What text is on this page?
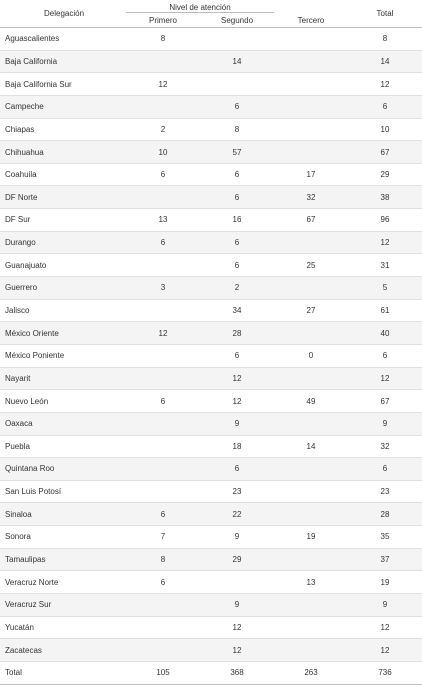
Delegación	Nivel de atención			Total
	Primero	Segundo	Tercero	
Aguascalientes	8			8
Baja California		14		14
Baja California Sur	12			12
Campeche		6		6
Chiapas	2	8		10
Chihuahua	10	57		67
Coahuila	6	6	17	29
DF Norte		6	32	38
DF Sur	13	16	67	96
Durango	6	6		12
Guanajuato		6	25	31
Guerrero	3	2		5
Jalisco		34	27	61
México Oriente	12	28		40
México Poniente		6	0	6
Nayarit		12		12
Nuevo León	6	12	49	67
Oaxaca		9		9
Puebla		18	14	32
Quintana Roo		6		6
San Luis Potosí		23		23
Sinaloa	6	22		28
Sonora	7	9	19	35
Tamaulipas	8	29		37
Veracruz Norte	6		13	19
Veracruz Sur		9		9
Yucatán		12		12
Zacatecas		12		12
Total	105	368	263	736
